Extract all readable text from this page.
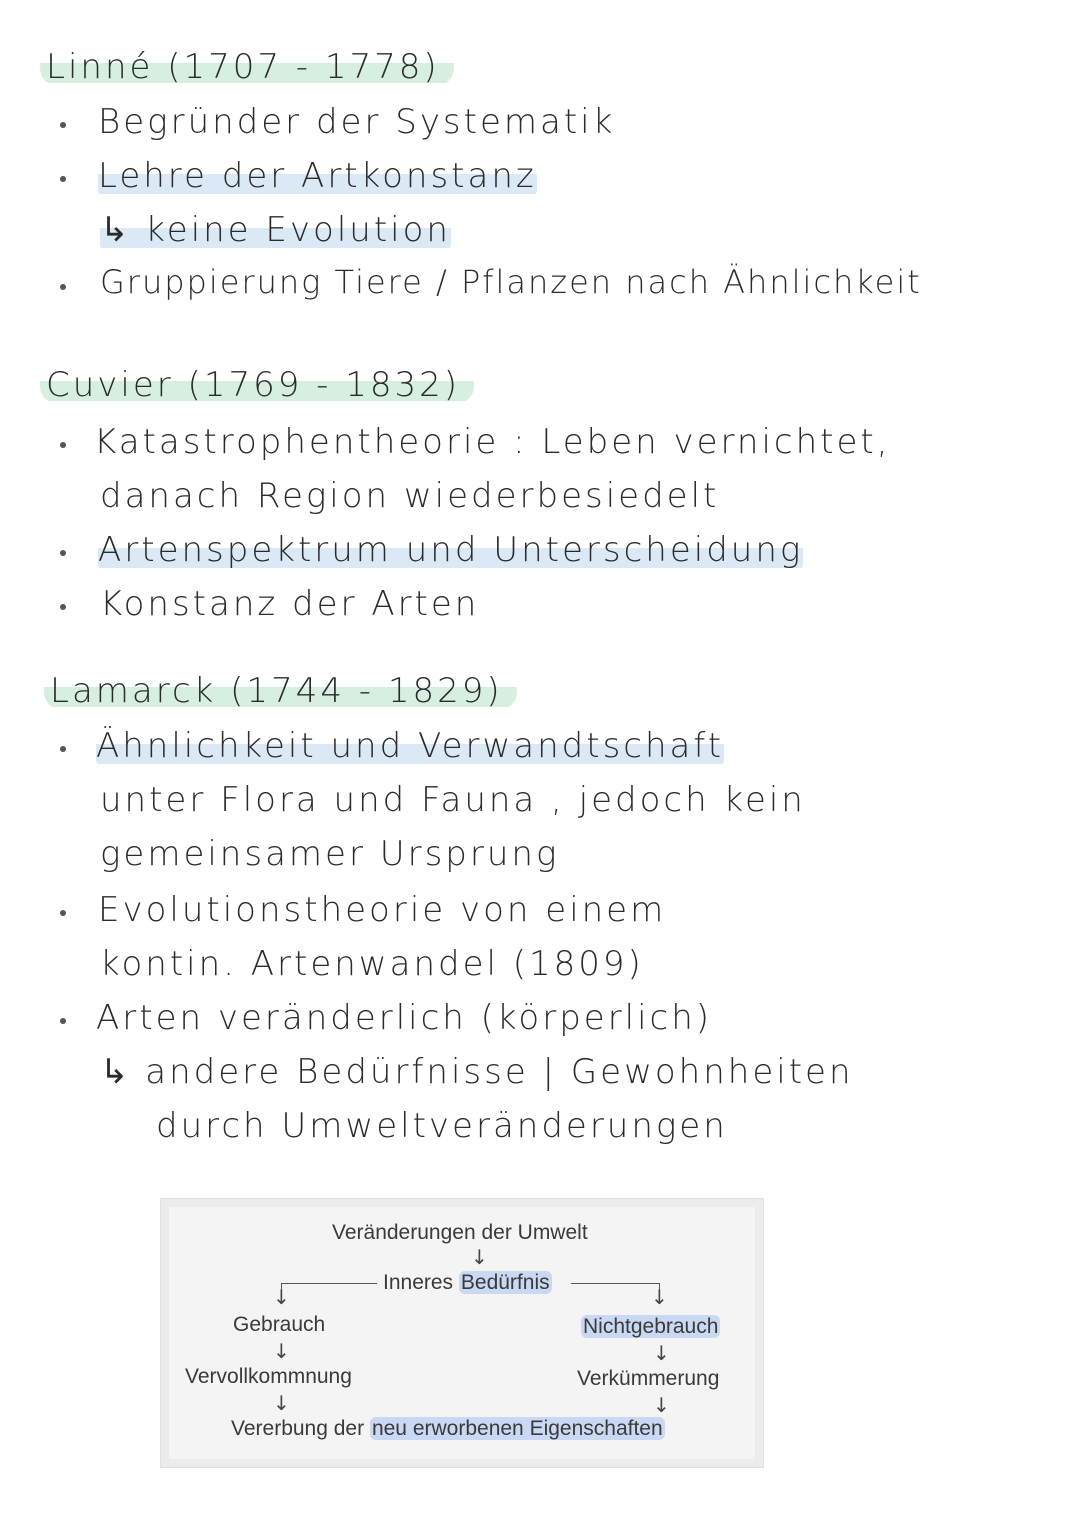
Linné (1707 - 1778)
Begründer der Systematik
Lehre der Artkonstanz
↳ keine Evolution
Gruppierung Tiere / Pflanzen nach Ähnlichkeit
Cuvier (1769 - 1832)
Katastrophentheorie : Leben vernichtet,
danach Region wiederbesiedelt
Artenspektrum und Unterscheidung
Konstanz der Arten
Lamarck (1744 - 1829)
Ähnlichkeit und Verwandtschaft
unter Flora und Fauna , jedoch kein
gemeinsamer Ursprung
Evolutionstheorie von einem
kontin. Artenwandel (1809)
Arten veränderlich (körperlich)
↳ andere Bedürfnisse | Gewohnheiten
durch Umweltveränderungen
Veränderungen der Umwelt
↓
↓
Inneres Bedürfnis
↓
Gebrauch
↓
Vervollkommnung
↓
Nichtgebrauch
↓
Verkümmerung
↓
Vererbung der neu erworbenen Eigenschaften
